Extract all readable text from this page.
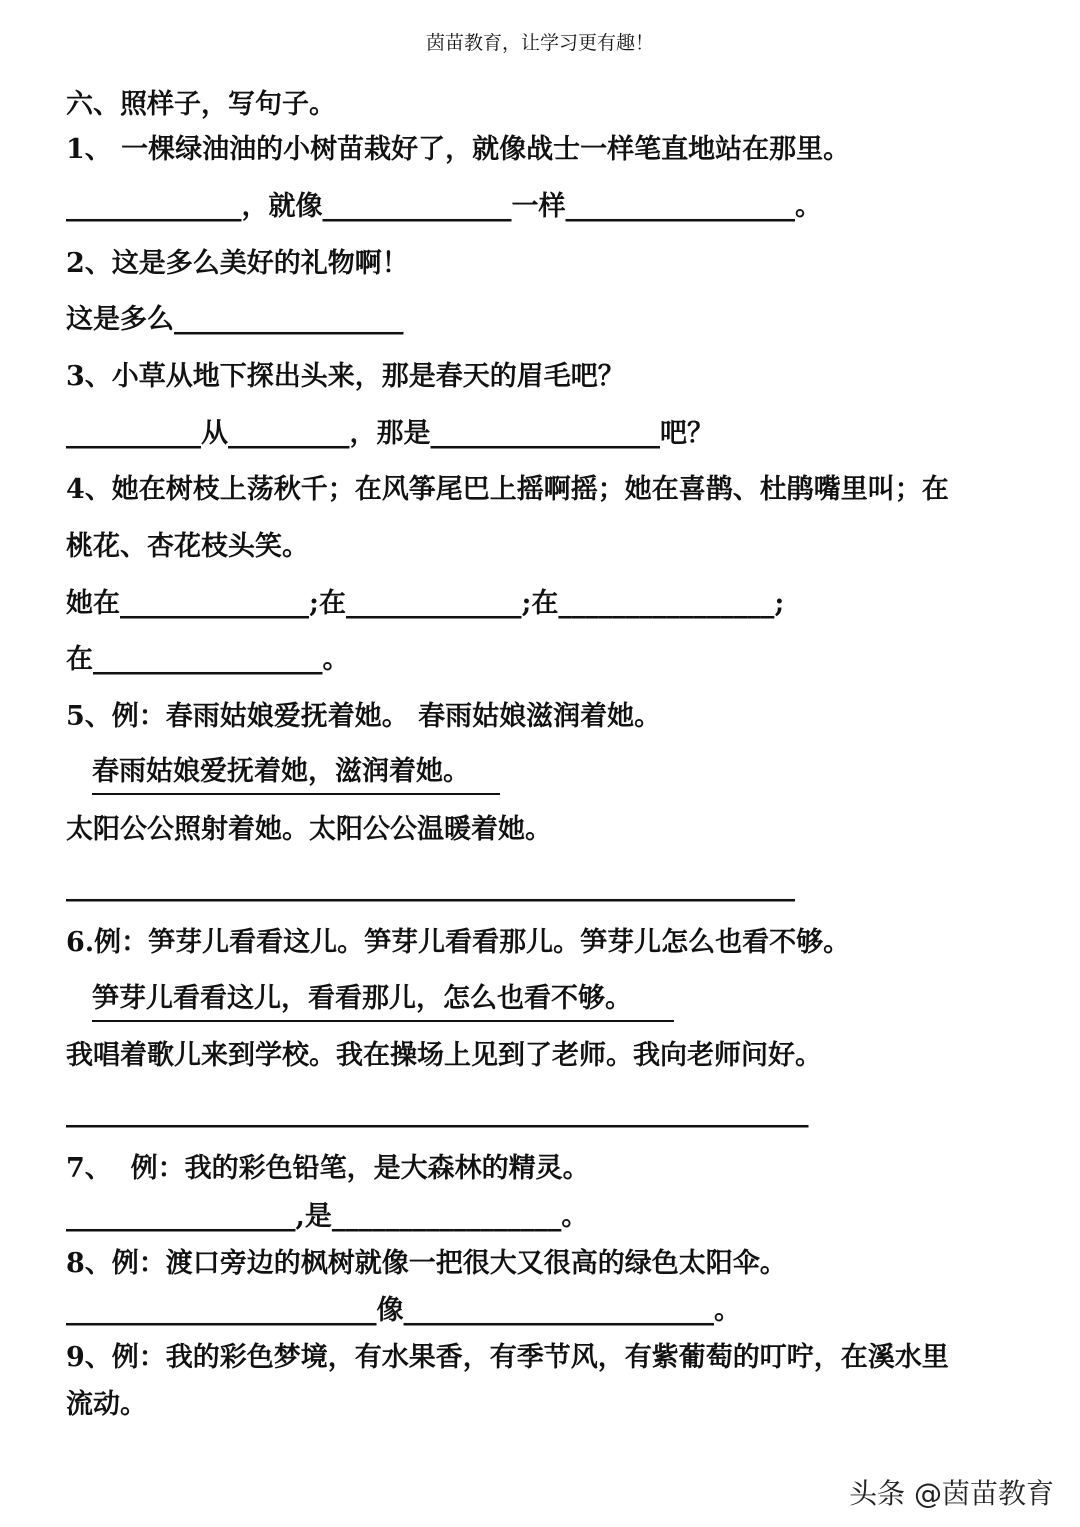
茵苗教育，让学习更有趣！
六、照样子，写句子。
1、 一棵绿油油的小树苗栽好了，就像战士一样笔直地站在那里。
_____________，就像______________一样_________________。
2、这是多么美好的礼物啊！
这是多么_________________
3、小草从地下探出头来，那是春天的眉毛吧？
__________从_________，那是_________________吧？
4、她在树枝上荡秋千；在风筝尾巴上摇啊摇；她在喜鹊、杜鹃嘴里叫；在
桃花、杏花枝头笑。
她在______________;在_____________;在________________;
在_________________。
5、例：春雨姑娘爱抚着她。 春雨姑娘滋润着她。
春雨姑娘爱抚着她，滋润着她。
太阳公公照射着她。太阳公公温暖着她。
______________________________________________________
6.例：笋芽儿看看这儿。笋芽儿看看那儿。笋芽儿怎么也看不够。
笋芽儿看看这儿，看看那儿，怎么也看不够。
我唱着歌儿来到学校。我在操场上见到了老师。我向老师问好。
_______________________________________________________
7、  例：我的彩色铅笔，是大森林的精灵。
_________________,是_________________。
8、例：渡口旁边的枫树就像一把很大又很高的绿色太阳伞。
_______________________像_______________________。
9、例：我的彩色梦境，有水果香，有季节风，有紫葡萄的叮咛，在溪水里
流动。
头条 @茵苗教育
